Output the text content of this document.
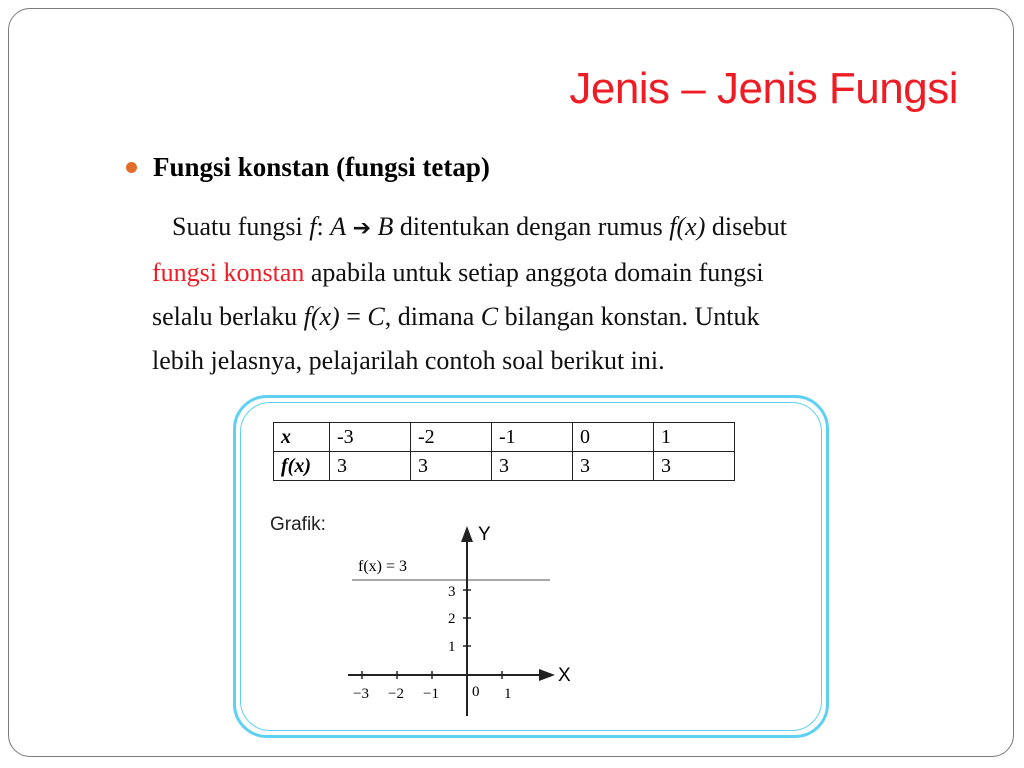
Jenis – Jenis Fungsi
Fungsi konstan (fungsi tetap)
Suatu fungsi f: A ➔ B ditentukan dengan rumus f(x) disebut
fungsi konstan apabila untuk setiap anggota domain fungsi
selalu berlaku f(x) = C, dimana C bilangan konstan. Untuk
lebih jelasnya, pelajarilah contoh soal berikut ini.
x	-3	-2	-1	0	1
f(x)	3	3	3	3	3
Grafik:
f(x) = 3
Y
X
3
2
1
−3 −2 −1 0 1
